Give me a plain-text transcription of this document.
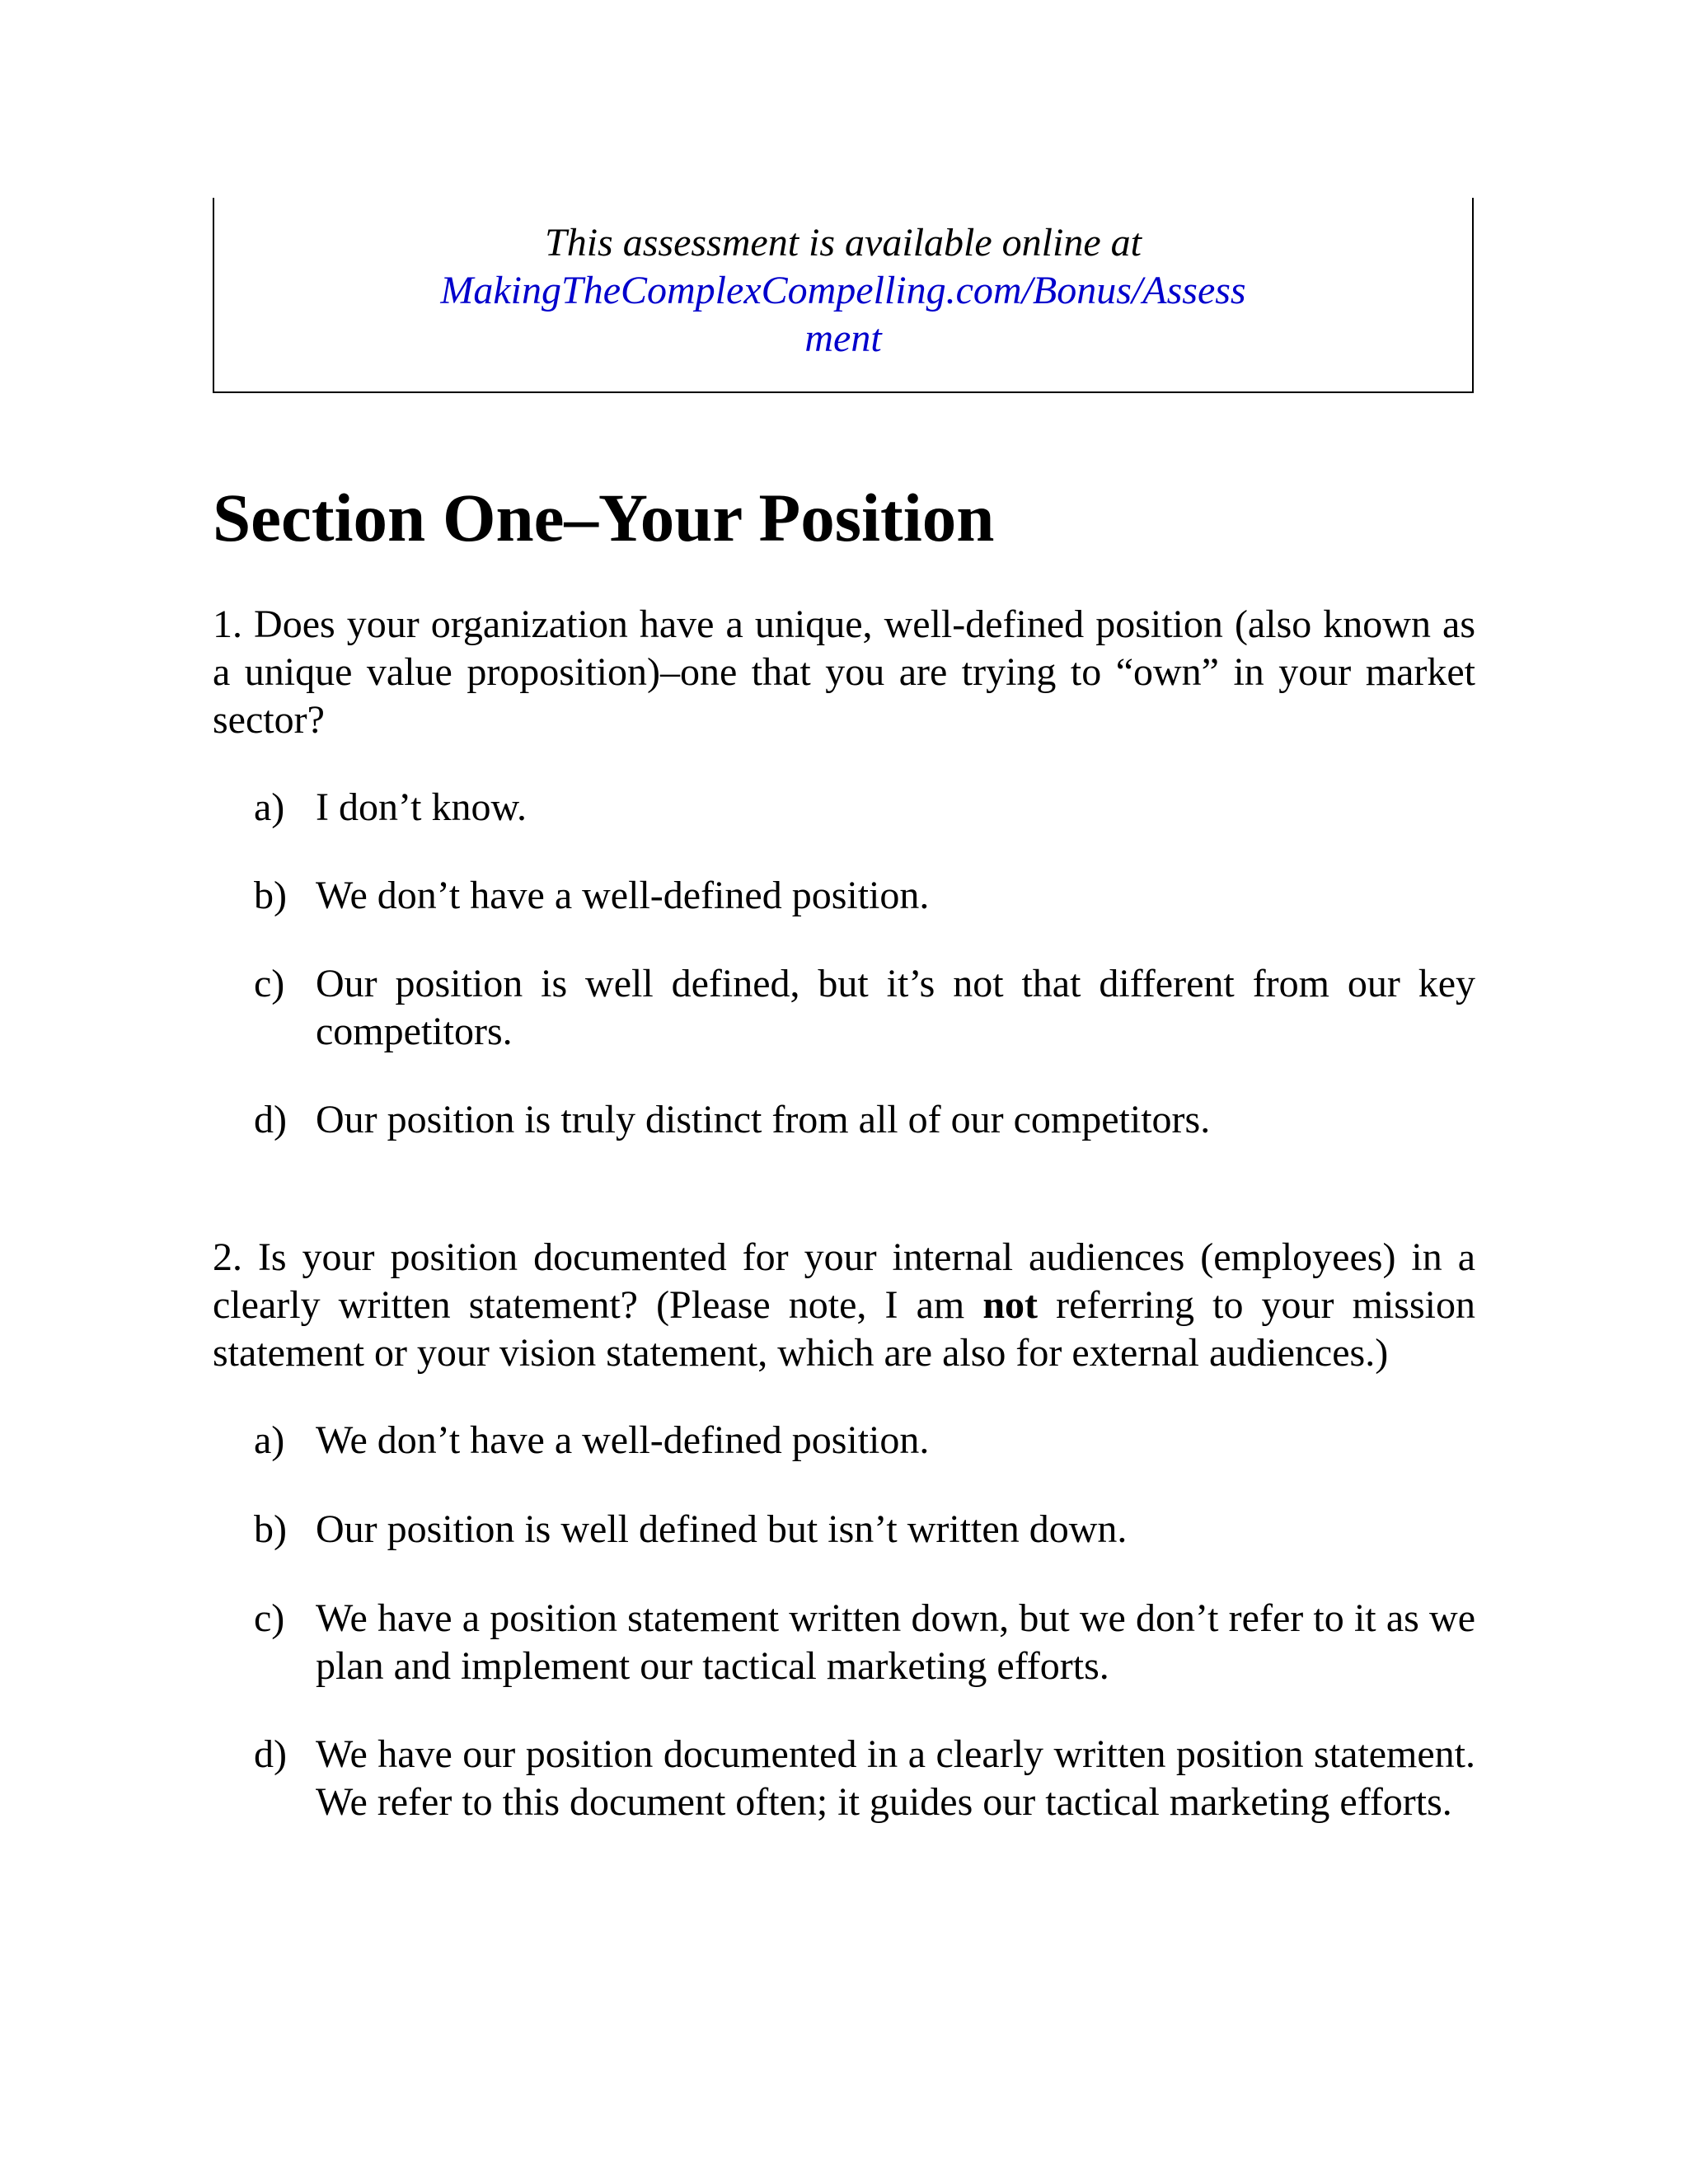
This assessment is available online at
MakingTheComplexCompelling.com/Bonus/Assessment
Section One–Your Position

1. Does your organization have a unique, well-defined position (also known as a unique value proposition)–one that you are trying to “own” in your market sector?

a) I don’t know.
b) We don’t have a well-defined position.
c) Our position is well defined, but it’s not that different from our key competitors.
d) Our position is truly distinct from all of our competitors.

2. Is your position documented for your internal audiences (employees) in a clearly written statement? (Please note, I am not referring to your mission statement or your vision statement, which are also for external audiences.)

a) We don’t have a well-defined position.
b) Our position is well defined but isn’t written down.
c) We have a position statement written down, but we don’t refer to it as we plan and implement our tactical marketing efforts.
d) We have our position documented in a clearly written position statement. We refer to this document often; it guides our tactical marketing efforts.
